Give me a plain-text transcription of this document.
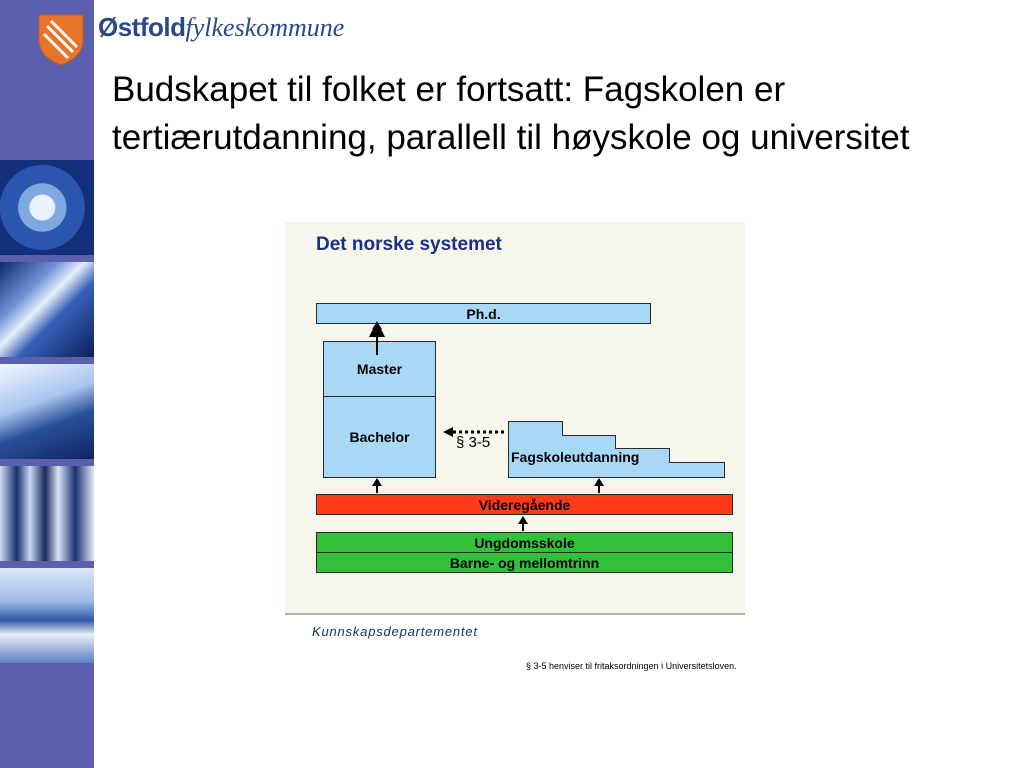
Østfoldfylkeskommune
Budskapet til folket er fortsatt: Fagskolen er tertiærutdanning, parallell til høyskole og universitet
Det norske systemet
Ph.d.
Master
Bachelor
Fagskoleutdanning
Videregående
Ungdomsskole
Barne- og mellomtrinn
§ 3-5
Kunnskapsdepartementet
§ 3-5 henviser til fritaksordningen i Universitetsloven.
